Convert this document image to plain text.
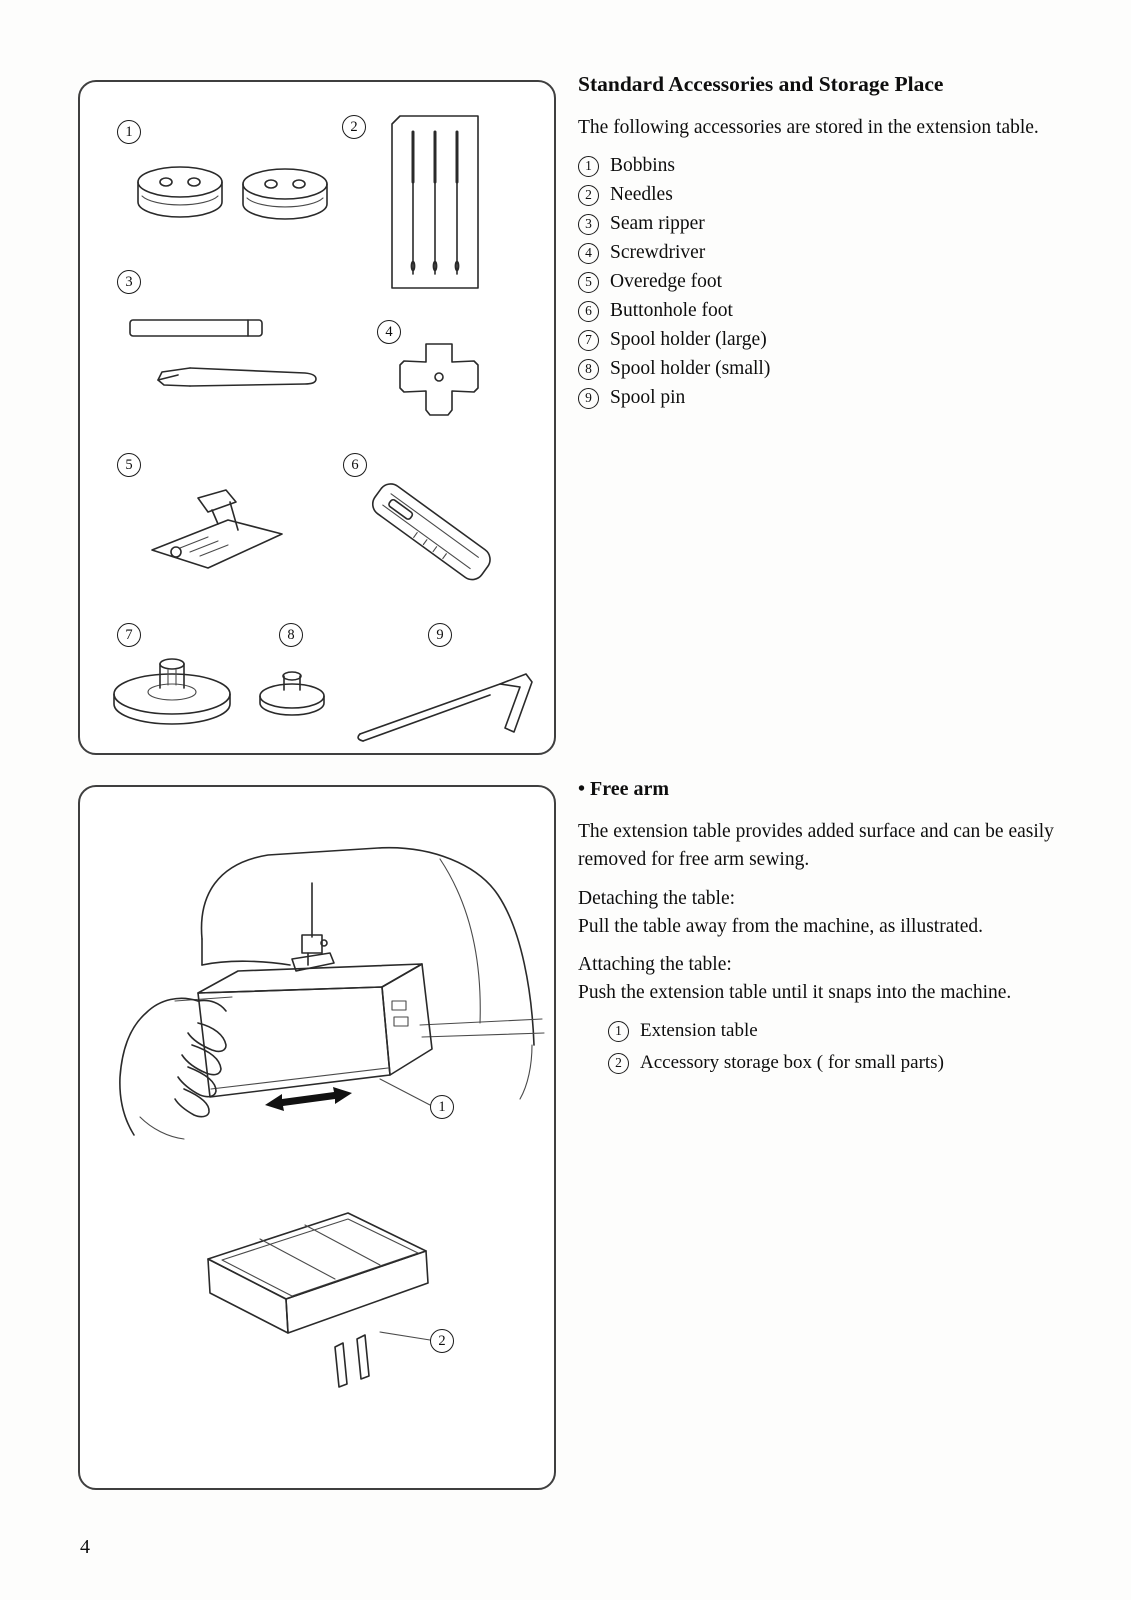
1	2
3
4
5	6
7	8	9
1
2
Standard Accessories and Storage Place

The following accessories are stored in the extension table.

1 Bobbins
2 Needles
3 Seam ripper
4 Screwdriver
5 Overedge foot
6 Buttonhole foot
7 Spool holder (large)
8 Spool holder (small)
9 Spool pin
• Free arm

The extension table provides added surface and can be easily removed for free arm sewing.

Detaching the table:

Pull the table away from the machine, as illustrated.

Attaching the table:

Push the extension table until it snaps into the machine.

1 Extension table
2 Accessory storage box ( for small parts)
4
